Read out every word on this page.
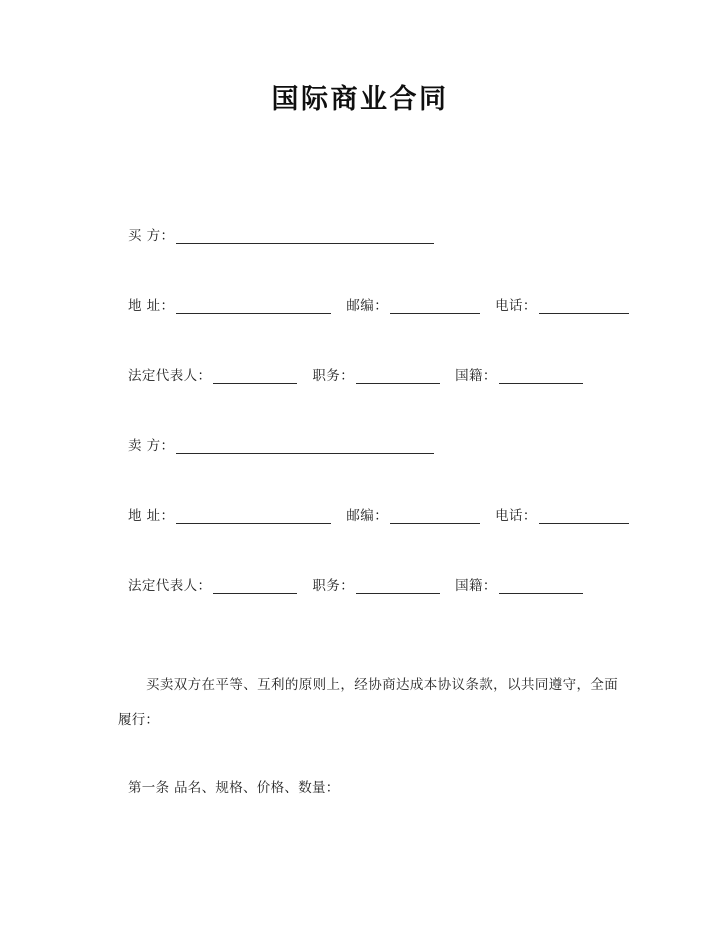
国际商业合同
买 方：
地 址：	邮编：	电话：
法定代表人：	职务：	国籍：
卖 方：
地 址：	邮编：	电话：
法定代表人：	职务：	国籍：
买卖双方在平等、互利的原则上，经协商达成本协议条款，以共同遵守，全面履行：
第一条 品名、规格、价格、数量：
